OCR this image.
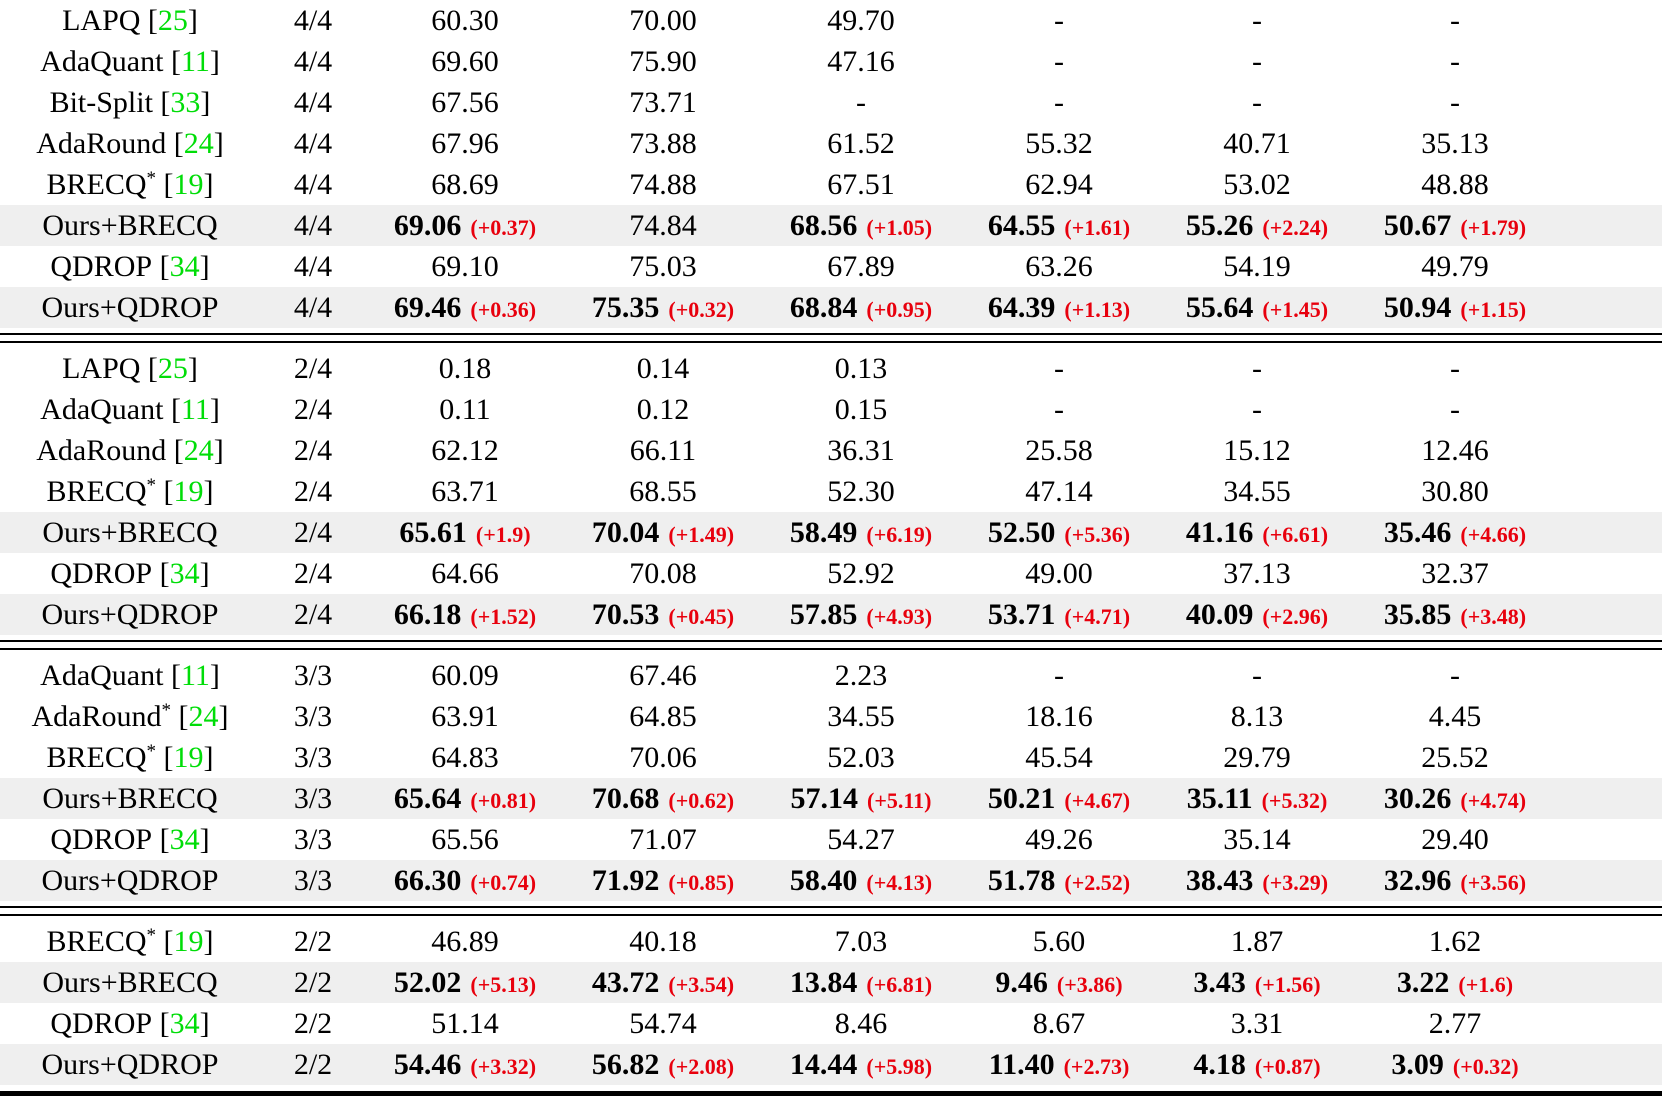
LAPQ [25]	4/4	60.30	70.00	49.70	-	-	-
AdaQuant [11]	4/4	69.60	75.90	47.16	-	-	-
Bit-Split [33]	4/4	67.56	73.71	-	-	-	-
AdaRound [24]	4/4	67.96	73.88	61.52	55.32	40.71	35.13
BRECQ* [19]	4/4	68.69	74.88	67.51	62.94	53.02	48.88
Ours+BRECQ	4/4	69.06 (+0.37)	74.84	68.56 (+1.05)	64.55 (+1.61)	55.26 (+2.24)	50.67 (+1.79)
QDROP [34]	4/4	69.10	75.03	67.89	63.26	54.19	49.79
Ours+QDROP	4/4	69.46 (+0.36)	75.35 (+0.32)	68.84 (+0.95)	64.39 (+1.13)	55.64 (+1.45)	50.94 (+1.15)
LAPQ [25]	2/4	0.18	0.14	0.13	-	-	-
AdaQuant [11]	2/4	0.11	0.12	0.15	-	-	-
AdaRound [24]	2/4	62.12	66.11	36.31	25.58	15.12	12.46
BRECQ* [19]	2/4	63.71	68.55	52.30	47.14	34.55	30.80
Ours+BRECQ	2/4	65.61 (+1.9)	70.04 (+1.49)	58.49 (+6.19)	52.50 (+5.36)	41.16 (+6.61)	35.46 (+4.66)
QDROP [34]	2/4	64.66	70.08	52.92	49.00	37.13	32.37
Ours+QDROP	2/4	66.18 (+1.52)	70.53 (+0.45)	57.85 (+4.93)	53.71 (+4.71)	40.09 (+2.96)	35.85 (+3.48)
AdaQuant [11]	3/3	60.09	67.46	2.23	-	-	-
AdaRound* [24]	3/3	63.91	64.85	34.55	18.16	8.13	4.45
BRECQ* [19]	3/3	64.83	70.06	52.03	45.54	29.79	25.52
Ours+BRECQ	3/3	65.64 (+0.81)	70.68 (+0.62)	57.14 (+5.11)	50.21 (+4.67)	35.11 (+5.32)	30.26 (+4.74)
QDROP [34]	3/3	65.56	71.07	54.27	49.26	35.14	29.40
Ours+QDROP	3/3	66.30 (+0.74)	71.92 (+0.85)	58.40 (+4.13)	51.78 (+2.52)	38.43 (+3.29)	32.96 (+3.56)
BRECQ* [19]	2/2	46.89	40.18	7.03	5.60	1.87	1.62
Ours+BRECQ	2/2	52.02 (+5.13)	43.72 (+3.54)	13.84 (+6.81)	9.46 (+3.86)	3.43 (+1.56)	3.22 (+1.6)
QDROP [34]	2/2	51.14	54.74	8.46	8.67	3.31	2.77
Ours+QDROP	2/2	54.46 (+3.32)	56.82 (+2.08)	14.44 (+5.98)	11.40 (+2.73)	4.18 (+0.87)	3.09 (+0.32)
